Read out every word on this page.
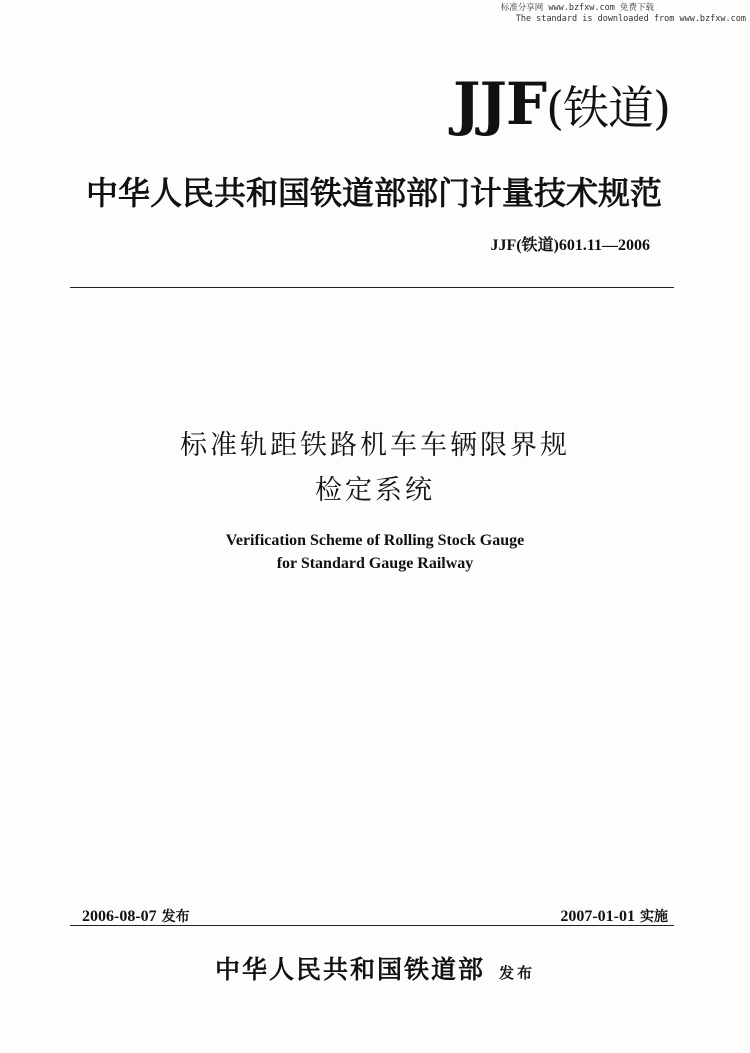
标准分享网 www.bzfxw.com 免费下载
The standard is downloaded from www.bzfxw.com
JJF(铁道)
中华人民共和国铁道部部门计量技术规范
JJF(铁道)601.11—2006
标准轨距铁路机车车辆限界规
检定系统
Verification Scheme of Rolling Stock Gauge
for Standard Gauge Railway
2006-08-07 发布	2007-01-01 实施
中华人民共和国铁道部 发布
